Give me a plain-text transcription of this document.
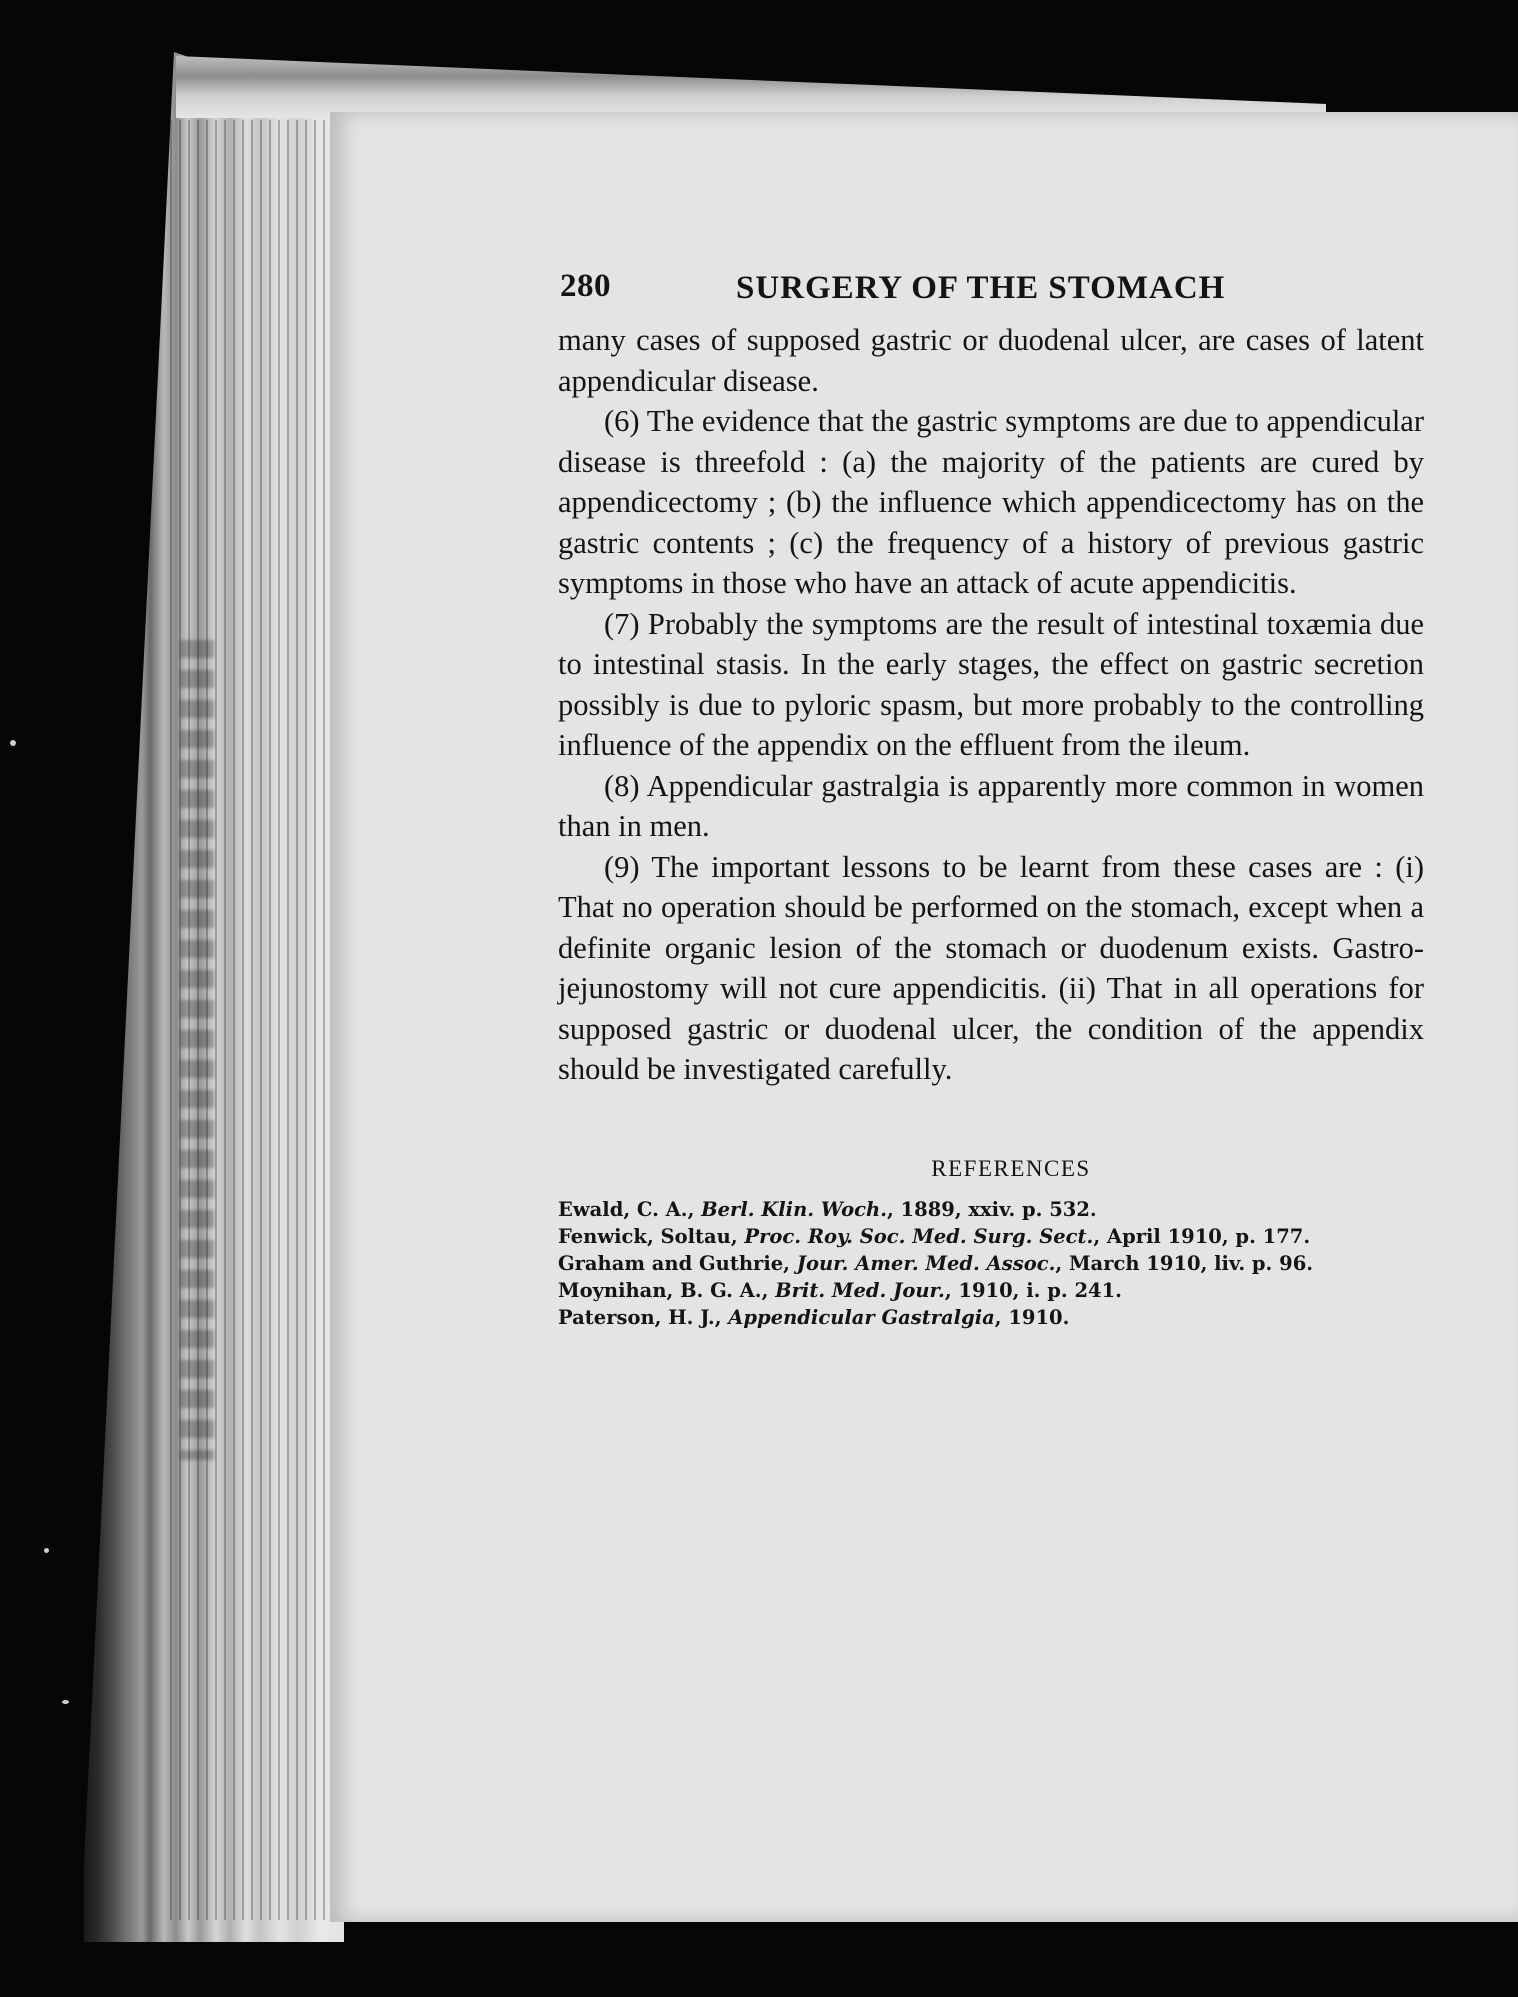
280	SURGERY OF THE STOMACH

many cases of supposed gastric or duodenal ulcer, are cases of latent appendicular disease.

(6) The evidence that the gastric symptoms are due to appendicular disease is threefold : (a) the majority of the patients are cured by appendicectomy ; (b) the influence which appendicectomy has on the gastric contents ; (c) the frequency of a history of previous gastric symptoms in those who have an attack of acute appendicitis.

(7) Probably the symptoms are the result of intestinal toxæmia due to intestinal stasis. In the early stages, the effect on gastric secretion possibly is due to pyloric spasm, but more probably to the controlling influence of the appendix on the effluent from the ileum.

(8) Appendicular gastralgia is apparently more common in women than in men.

(9) The important lessons to be learnt from these cases are : (i) That no operation should be performed on the stomach, except when a definite organic lesion of the stomach or duodenum exists. Gastro-jejunostomy will not cure appendicitis. (ii) That in all operations for supposed gastric or duodenal ulcer, the condition of the appendix should be investigated carefully.

REFERENCES
Ewald, C. A., Berl. Klin. Woch., 1889, xxiv. p. 532.
Fenwick, Soltau, Proc. Roy. Soc. Med. Surg. Sect., April 1910, p. 177.
Graham and Guthrie, Jour. Amer. Med. Assoc., March 1910, liv. p. 96.
Moynihan, B. G. A., Brit. Med. Jour., 1910, i. p. 241.
Paterson, H. J., Appendicular Gastralgia, 1910.
